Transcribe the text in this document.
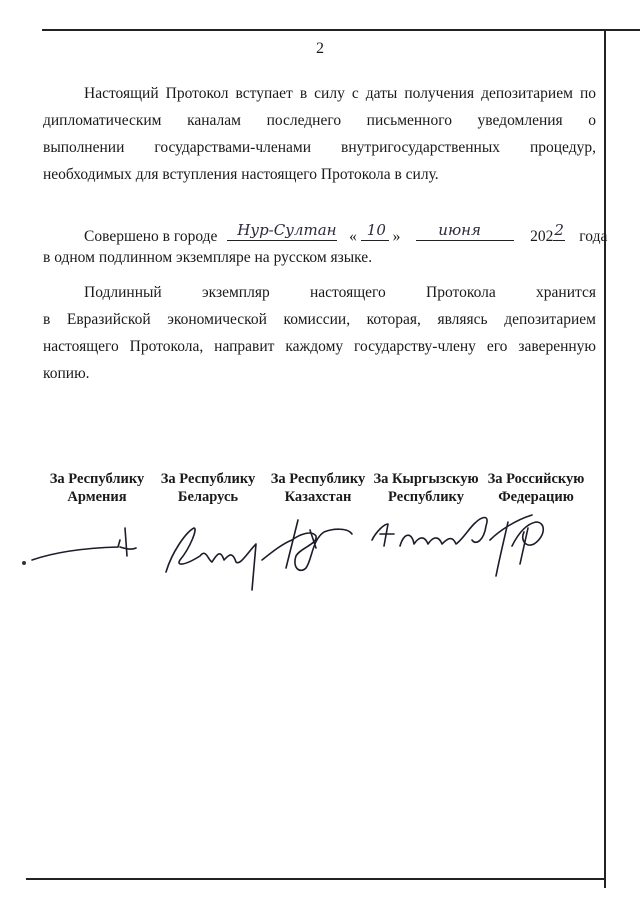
2
Настоящий Протокол вступает в силу с даты получения депозитарием по
дипломатическим каналам последнего письменного уведомления о
выполнении государствами-членами внутригосударственных процедур,
необходимых для вступления настоящего Протокола в силу.
Совершено в городе Нур-Султан « 10 »	июня	202 2 года
в одном подлинном экземпляре на русском языке.
Подлинный экземпляр настоящего Протокола хранится
в Евразийской экономической комиссии, которая, являясь депозитарием
настоящего Протокола, направит каждому государству-члену его заверенную
копию.
За Республику
Армения
За Республику
Беларусь
За Республику
Казахстан
За Кыргызскую
Республику
За Российскую
Федерацию
